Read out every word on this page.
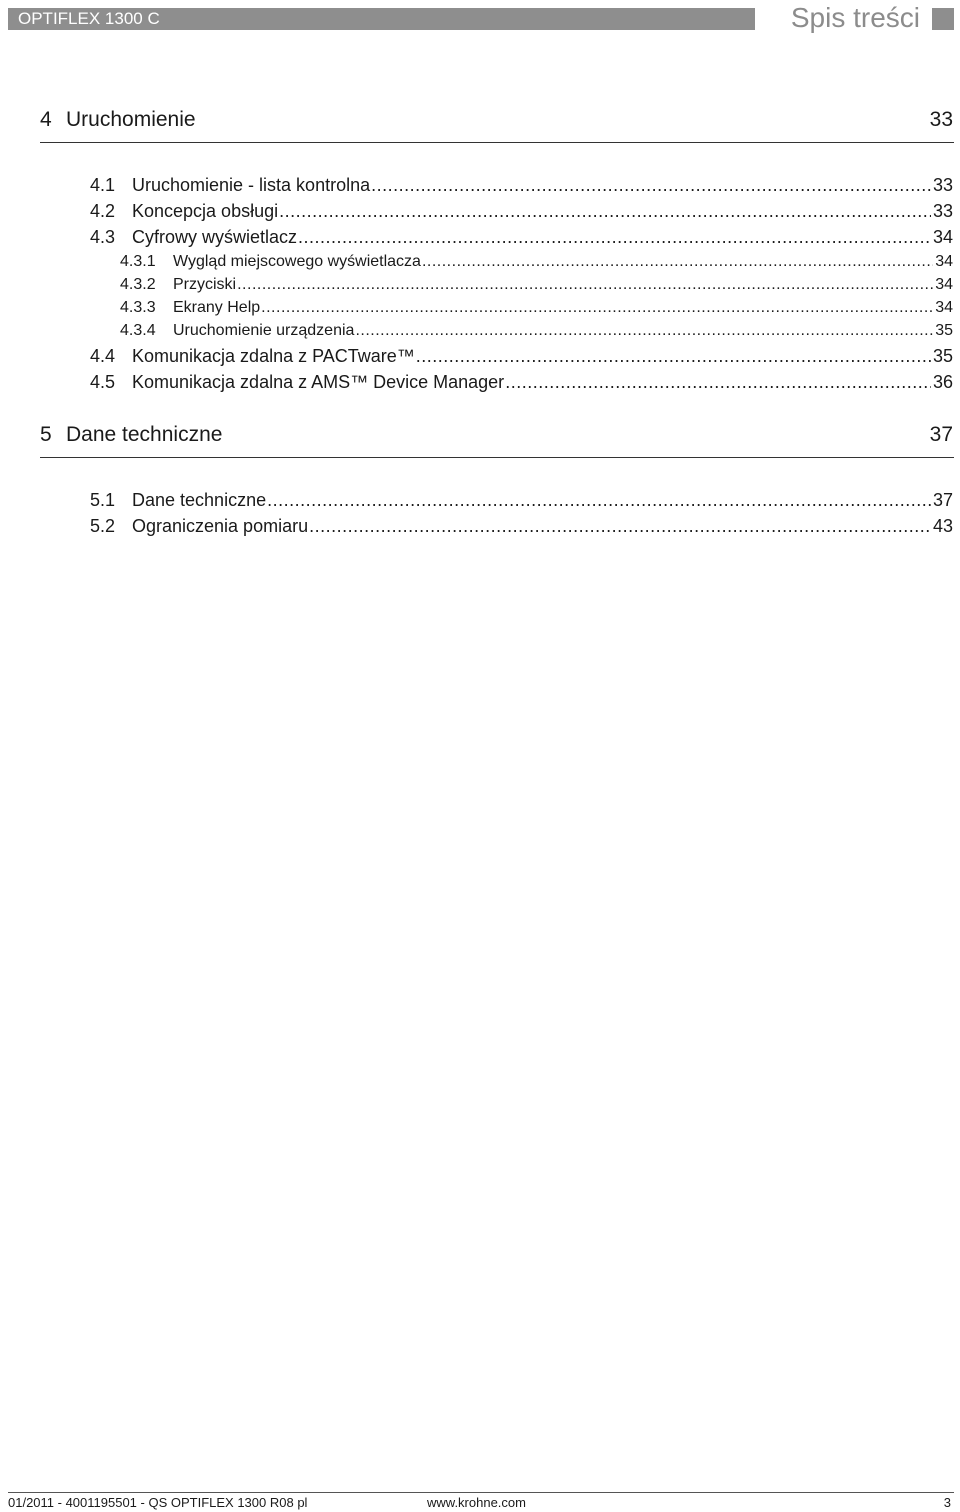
OPTIFLEX 1300 C	Spis treści
4 Uruchomienie	33
4.1 Uruchomienie - lista kontrolna .....	33
4.2 Koncepcja obsługi .....	33
4.3 Cyfrowy wyświetlacz .....	34
4.3.1	Wygląd miejscowego wyświetlacza .....	34
4.3.2	Przyciski .....	34
4.3.3	Ekrany Help .....	34
4.3.4	Uruchomienie urządzenia .....	35
4.4 Komunikacja zdalna z PACTware™ .....	35
4.5 Komunikacja zdalna z AMS™ Device Manager .....	36
5 Dane techniczne	37
5.1 Dane techniczne .....	37
5.2 Ograniczenia pomiaru .....	43
01/2011 - 4001195501 - QS OPTIFLEX 1300 R08 pl	www.krohne.com	3
